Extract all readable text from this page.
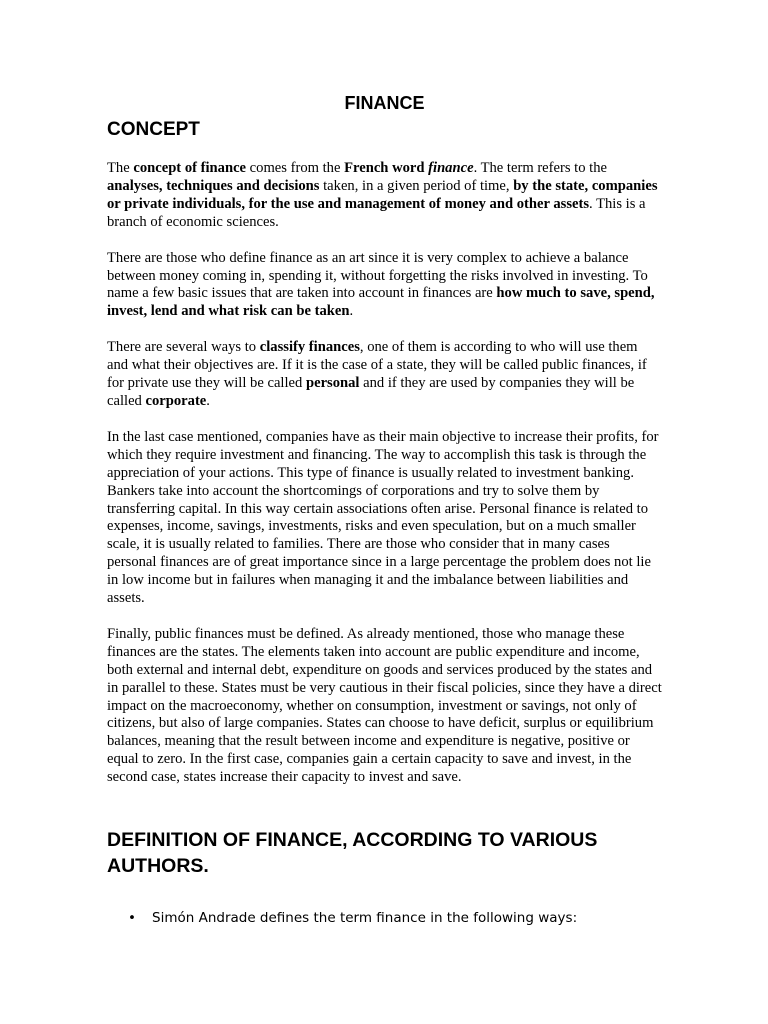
FINANCE
CONCEPT

The concept of finance comes from the French word finance. The term refers to the analyses, techniques and decisions taken, in a given period of time, by the state, companies or private individuals, for the use and management of money and other assets. This is a branch of economic sciences.

There are those who define finance as an art since it is very complex to achieve a balance between money coming in, spending it, without forgetting the risks involved in investing. To name a few basic issues that are taken into account in finances are how much to save, spend, invest, lend and what risk can be taken.

There are several ways to classify finances, one of them is according to who will use them and what their objectives are. If it is the case of a state, they will be called public finances, if for private use they will be called personal and if they are used by companies they will be called corporate.

In the last case mentioned, companies have as their main objective to increase their profits, for which they require investment and financing. The way to accomplish this task is through the appreciation of your actions. This type of finance is usually related to investment banking. Bankers take into account the shortcomings of corporations and try to solve them by transferring capital. In this way certain associations often arise. Personal finance is related to expenses, income, savings, investments, risks and even speculation, but on a much smaller scale, it is usually related to families. There are those who consider that in many cases personal finances are of great importance since in a large percentage the problem does not lie in low income but in failures when managing it and the imbalance between liabilities and assets.

Finally, public finances must be defined. As already mentioned, those who manage these finances are the states. The elements taken into account are public expenditure and income, both external and internal debt, expenditure on goods and services produced by the states and in parallel to these. States must be very cautious in their fiscal policies, since they have a direct impact on the macroeconomy, whether on consumption, investment or savings, not only of citizens, but also of large companies. States can choose to have deficit, surplus or equilibrium balances, meaning that the result between income and expenditure is negative, positive or equal to zero. In the first case, companies gain a certain capacity to save and invest, in the second case, states increase their capacity to invest and save.

DEFINITION OF FINANCE, ACCORDING TO VARIOUS AUTHORS.
• Simón Andrade defines the term finance in the following ways:
